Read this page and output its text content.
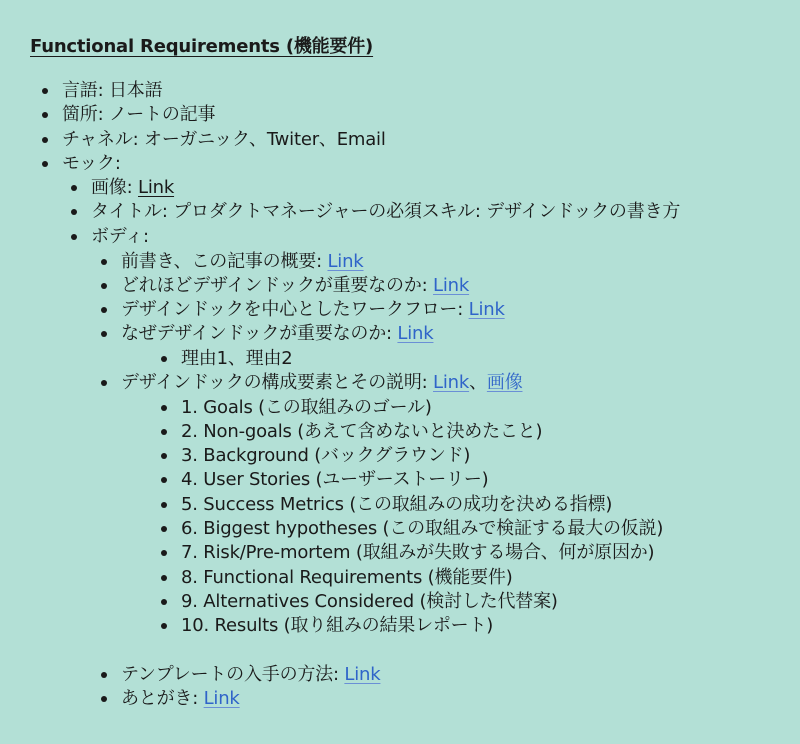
Functional Requirements (機能要件)
言語: 日本語
箇所: ノートの記事
チャネル: オーガニック、Twiter、Email
モック:
画像: Link
タイトル: プロダクトマネージャーの必須スキル: デザインドックの書き方
ボディ:
前書き、この記事の概要: Link
どれほどデザインドックが重要なのか: Link
デザインドックを中心としたワークフロー: Link
なぜデザインドックが重要なのか: Link
理由1、理由2
デザインドックの構成要素とその説明: Link、画像
1. Goals (この取組みのゴール)
2. Non-goals (あえて含めないと決めたこと)
3. Background (バックグラウンド)
4. User Stories (ユーザーストーリー)
5. Success Metrics (この取組みの成功を決める指標)
6. Biggest hypotheses (この取組みで検証する最大の仮説)
7. Risk/Pre-mortem (取組みが失敗する場合、何が原因か)
8. Functional Requirements (機能要件)
9. Alternatives Considered (検討した代替案)
10. Results (取り組みの結果レポート)
テンプレートの入手の方法: Link
あとがき: Link
